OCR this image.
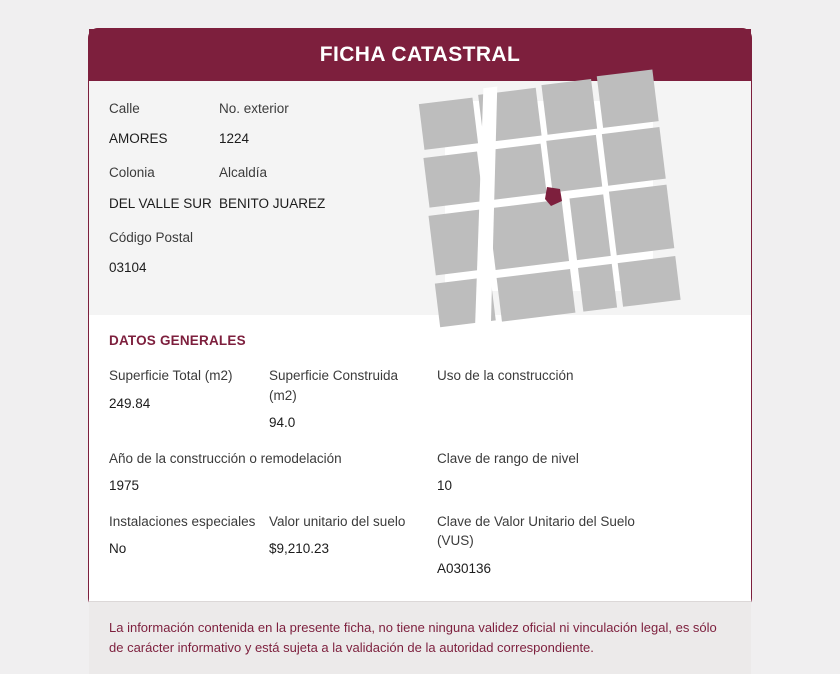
FICHA CATASTRAL
Calle
AMORES
No. exterior
1224
Colonia
DEL VALLE SUR
Alcaldía
BENITO JUAREZ
Código Postal
03104
DATOS GENERALES
Superficie Total (m2)
249.84
Superficie Construida (m2)
94.0
Uso de la construcción
Año de la construcción o remodelación
1975
Clave de rango de nivel
10
Instalaciones especiales
No
Valor unitario del suelo
$9,210.23
Clave de Valor Unitario del Suelo (VUS)
A030136
La información contenida en la presente ficha, no tiene ninguna validez oficial ni vinculación legal, es sólo de carácter informativo y está sujeta a la validación de la autoridad correspondiente.
